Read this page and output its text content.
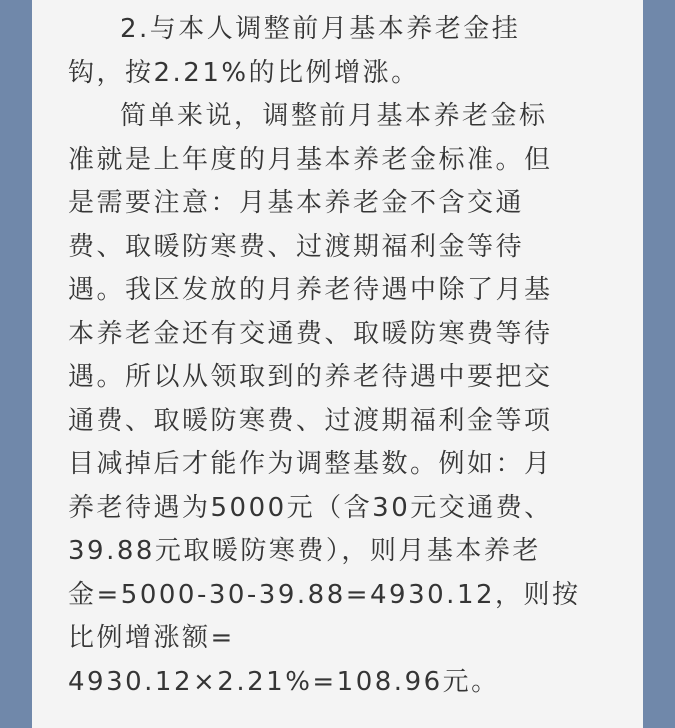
2.与本人调整前月基本养老金挂
钩，按2.21%的比例增涨。
简单来说，调整前月基本养老金标
准就是上年度的月基本养老金标准。但
是需要注意：月基本养老金不含交通
费、取暖防寒费、过渡期福利金等待
遇。我区发放的月养老待遇中除了月基
本养老金还有交通费、取暖防寒费等待
遇。所以从领取到的养老待遇中要把交
通费、取暖防寒费、过渡期福利金等项
目减掉后才能作为调整基数。例如：月
养老待遇为5000元（含30元交通费、
39.88元取暖防寒费），则月基本养老
金=5000-30-39.88=4930.12，则按
比例增涨额=
4930.12×2.21%=108.96元。
